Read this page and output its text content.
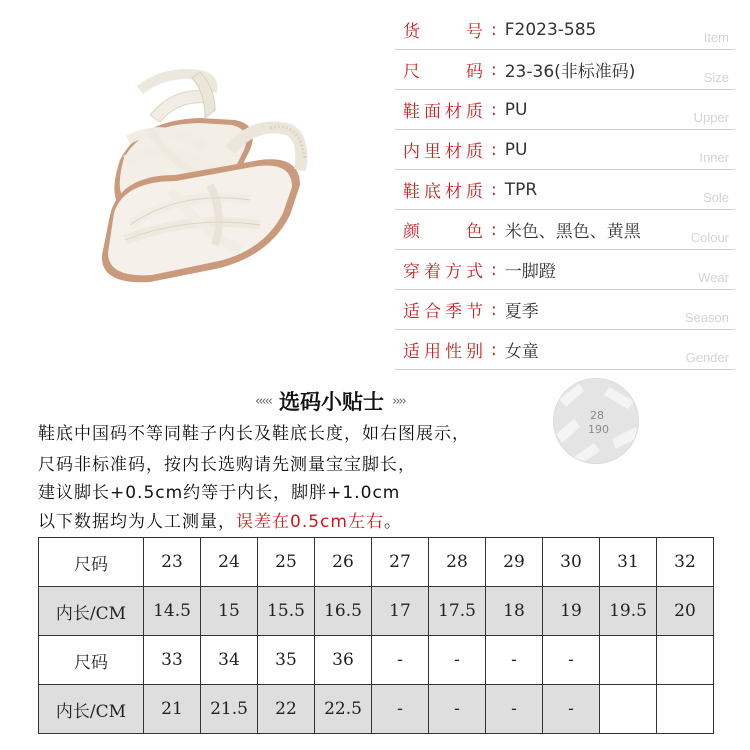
货号 : F2023-585	Item
尺码 : 23-36(非标准码)	Size
鞋面材质 : PU	Upper
内里材质 : PU	Inner
鞋底材质 : TPR	Sole
颜色 : 米色、黑色、黄黑	Colour
穿着方式 : 一脚蹬	Wear
适合季节 : 夏季	Season
适用性别 : 女童	Gender
‹‹‹‹‹ 选码小贴士 ››››
鞋底中国码不等同鞋子内长及鞋底长度，如右图展示，
尺码非标准码，按内长选购请先测量宝宝脚长，
建议脚长+0.5cm约等于内长，脚胖+1.0cm
以下数据均为人工测量，误差在0.5cm左右。
28
190
尺码	23	24	25	26	27	28	29	30	31	32
内长/CM	14.5	15	15.5	16.5	17	17.5	18	19	19.5	20
尺码	33	34	35	36	-	-	-	-		
内长/CM	21	21.5	22	22.5	-	-	-	-		
